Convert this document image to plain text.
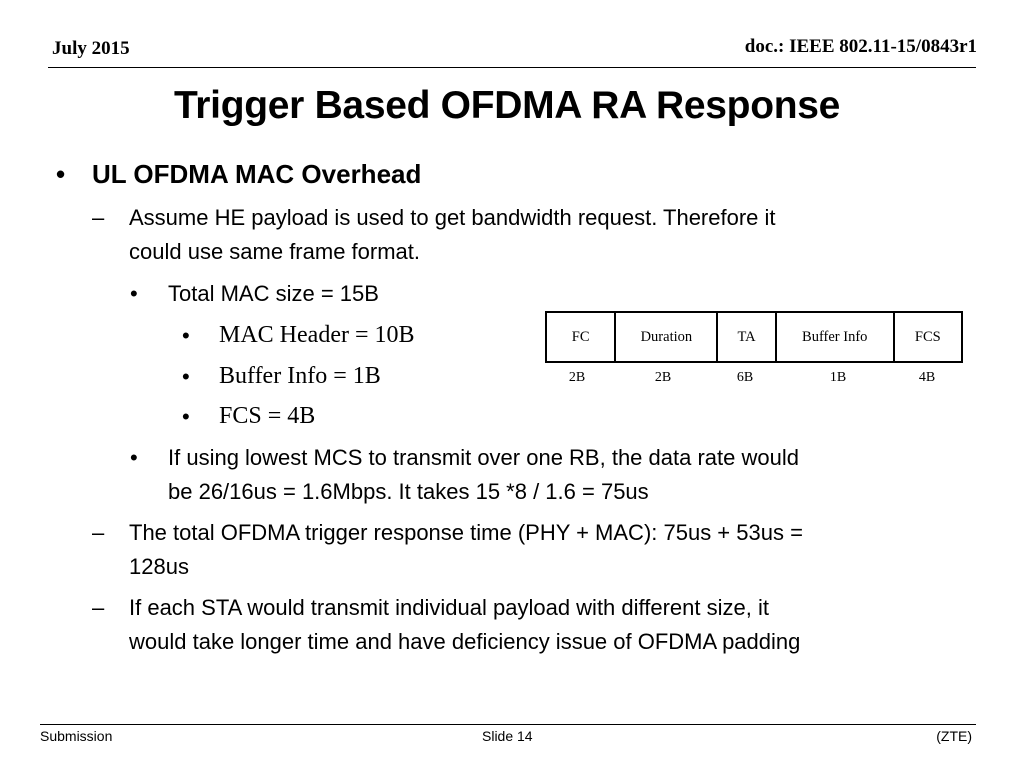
July 2015	doc.: IEEE 802.11-15/0843r1
Trigger Based OFDMA RA Response
• UL OFDMA MAC Overhead
– Assume HE payload is used to get bandwidth request. Therefore it
could use same frame format.
• Total MAC size = 15B
• MAC Header = 10B
• Buffer Info = 1B
• FCS = 4B
• If using lowest MCS to transmit over one RB, the data rate would
be 26/16us = 1.6Mbps. It takes 15 *8 / 1.6 = 75us
– The total OFDMA trigger response time (PHY + MAC): 75us + 53us =
128us
– If each STA would transmit individual payload with different size, it
would take longer time and have deficiency issue of OFDMA padding
FC	Duration	TA	Buffer Info	FCS
2B	2B	6B	1B	4B
Submission	Slide 14	(ZTE)
